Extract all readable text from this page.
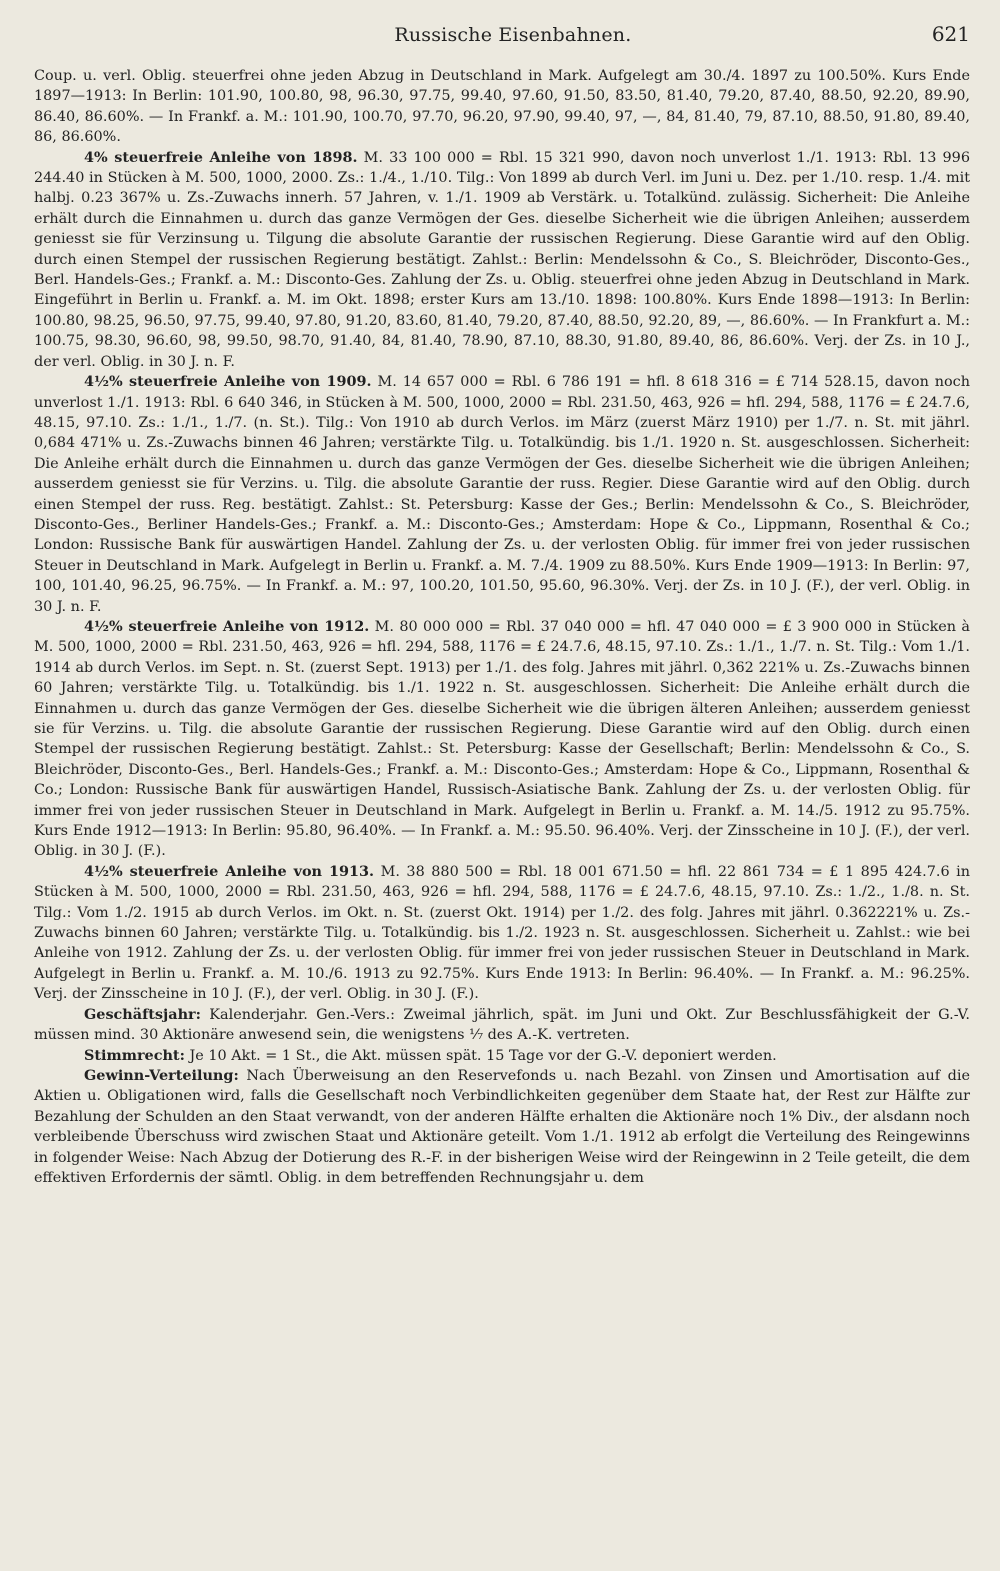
Russische Eisenbahnen.	621

Coup. u. verl. Oblig. steuerfrei ohne jeden Abzug in Deutschland in Mark. Aufgelegt am 30./4. 1897 zu 100.50%. Kurs Ende 1897—1913: In Berlin: 101.90, 100.80, 98, 96.30, 97.75, 99.40, 97.60, 91.50, 83.50, 81.40, 79.20, 87.40, 88.50, 92.20, 89.90, 86.40, 86.60%. — In Frankf. a. M.: 101.90, 100.70, 97.70, 96.20, 97.90, 99.40, 97, —, 84, 81.40, 79, 87.10, 88.50, 91.80, 89.40, 86, 86.60%.

4% steuerfreie Anleihe von 1898. M. 33 100 000 = Rbl. 15 321 990, davon noch unverlost 1./1. 1913: Rbl. 13 996 244.40 in Stücken à M. 500, 1000, 2000. Zs.: 1./4., 1./10. Tilg.: Von 1899 ab durch Verl. im Juni u. Dez. per 1./10. resp. 1./4. mit halbj. 0.23 367% u. Zs.-Zuwachs innerh. 57 Jahren, v. 1./1. 1909 ab Verstärk. u. Totalkünd. zulässig. Sicherheit: Die Anleihe erhält durch die Einnahmen u. durch das ganze Vermögen der Ges. dieselbe Sicherheit wie die übrigen Anleihen; ausserdem geniesst sie für Verzinsung u. Tilgung die absolute Garantie der russischen Regierung. Diese Garantie wird auf den Oblig. durch einen Stempel der russischen Regierung bestätigt. Zahlst.: Berlin: Mendelssohn & Co., S. Bleichröder, Disconto-Ges., Berl. Handels-Ges.; Frankf. a. M.: Disconto-Ges. Zahlung der Zs. u. Oblig. steuerfrei ohne jeden Abzug in Deutschland in Mark. Eingeführt in Berlin u. Frankf. a. M. im Okt. 1898; erster Kurs am 13./10. 1898: 100.80%. Kurs Ende 1898—1913: In Berlin: 100.80, 98.25, 96.50, 97.75, 99.40, 97.80, 91.20, 83.60, 81.40, 79.20, 87.40, 88.50, 92.20, 89, —, 86.60%. — In Frankfurt a. M.: 100.75, 98.30, 96.60, 98, 99.50, 98.70, 91.40, 84, 81.40, 78.90, 87.10, 88.30, 91.80, 89.40, 86, 86.60%. Verj. der Zs. in 10 J., der verl. Oblig. in 30 J. n. F.

4½% steuerfreie Anleihe von 1909. M. 14 657 000 = Rbl. 6 786 191 = hfl. 8 618 316 = £ 714 528.15, davon noch unverlost 1./1. 1913: Rbl. 6 640 346, in Stücken à M. 500, 1000, 2000 = Rbl. 231.50, 463, 926 = hfl. 294, 588, 1176 = £ 24.7.6, 48.15, 97.10. Zs.: 1./1., 1./7. (n. St.). Tilg.: Von 1910 ab durch Verlos. im März (zuerst März 1910) per 1./7. n. St. mit jährl. 0,684 471% u. Zs.-Zuwachs binnen 46 Jahren; verstärkte Tilg. u. Totalkündig. bis 1./1. 1920 n. St. ausgeschlossen. Sicherheit: Die Anleihe erhält durch die Einnahmen u. durch das ganze Vermögen der Ges. dieselbe Sicherheit wie die übrigen Anleihen; ausserdem geniesst sie für Verzins. u. Tilg. die absolute Garantie der russ. Regier. Diese Garantie wird auf den Oblig. durch einen Stempel der russ. Reg. bestätigt. Zahlst.: St. Petersburg: Kasse der Ges.; Berlin: Mendelssohn & Co., S. Bleichröder, Disconto-Ges., Berliner Handels-Ges.; Frankf. a. M.: Disconto-Ges.; Amsterdam: Hope & Co., Lippmann, Rosenthal & Co.; London: Russische Bank für auswärtigen Handel. Zahlung der Zs. u. der verlosten Oblig. für immer frei von jeder russischen Steuer in Deutschland in Mark. Aufgelegt in Berlin u. Frankf. a. M. 7./4. 1909 zu 88.50%. Kurs Ende 1909—1913: In Berlin: 97, 100, 101.40, 96.25, 96.75%. — In Frankf. a. M.: 97, 100.20, 101.50, 95.60, 96.30%. Verj. der Zs. in 10 J. (F.), der verl. Oblig. in 30 J. n. F.

4½% steuerfreie Anleihe von 1912. M. 80 000 000 = Rbl. 37 040 000 = hfl. 47 040 000 = £ 3 900 000 in Stücken à M. 500, 1000, 2000 = Rbl. 231.50, 463, 926 = hfl. 294, 588, 1176 = £ 24.7.6, 48.15, 97.10. Zs.: 1./1., 1./7. n. St. Tilg.: Vom 1./1. 1914 ab durch Verlos. im Sept. n. St. (zuerst Sept. 1913) per 1./1. des folg. Jahres mit jährl. 0,362 221% u. Zs.-Zuwachs binnen 60 Jahren; verstärkte Tilg. u. Totalkündig. bis 1./1. 1922 n. St. ausgeschlossen. Sicherheit: Die Anleihe erhält durch die Einnahmen u. durch das ganze Vermögen der Ges. dieselbe Sicherheit wie die übrigen älteren Anleihen; ausserdem geniesst sie für Verzins. u. Tilg. die absolute Garantie der russischen Regierung. Diese Garantie wird auf den Oblig. durch einen Stempel der russischen Regierung bestätigt. Zahlst.: St. Petersburg: Kasse der Gesellschaft; Berlin: Mendelssohn & Co., S. Bleichröder, Disconto-Ges., Berl. Handels-Ges.; Frankf. a. M.: Disconto-Ges.; Amsterdam: Hope & Co., Lippmann, Rosenthal & Co.; London: Russische Bank für auswärtigen Handel, Russisch-Asiatische Bank. Zahlung der Zs. u. der verlosten Oblig. für immer frei von jeder russischen Steuer in Deutschland in Mark. Aufgelegt in Berlin u. Frankf. a. M. 14./5. 1912 zu 95.75%. Kurs Ende 1912—1913: In Berlin: 95.80, 96.40%. — In Frankf. a. M.: 95.50. 96.40%. Verj. der Zinsscheine in 10 J. (F.), der verl. Oblig. in 30 J. (F.).

4½% steuerfreie Anleihe von 1913. M. 38 880 500 = Rbl. 18 001 671.50 = hfl. 22 861 734 = £ 1 895 424.7.6 in Stücken à M. 500, 1000, 2000 = Rbl. 231.50, 463, 926 = hfl. 294, 588, 1176 = £ 24.7.6, 48.15, 97.10. Zs.: 1./2., 1./8. n. St. Tilg.: Vom 1./2. 1915 ab durch Verlos. im Okt. n. St. (zuerst Okt. 1914) per 1./2. des folg. Jahres mit jährl. 0.362221% u. Zs.-Zuwachs binnen 60 Jahren; verstärkte Tilg. u. Totalkündig. bis 1./2. 1923 n. St. ausgeschlossen. Sicherheit u. Zahlst.: wie bei Anleihe von 1912. Zahlung der Zs. u. der verlosten Oblig. für immer frei von jeder russischen Steuer in Deutschland in Mark. Aufgelegt in Berlin u. Frankf. a. M. 10./6. 1913 zu 92.75%. Kurs Ende 1913: In Berlin: 96.40%. — In Frankf. a. M.: 96.25%. Verj. der Zinsscheine in 10 J. (F.), der verl. Oblig. in 30 J. (F.).

Geschäftsjahr: Kalenderjahr. Gen.-Vers.: Zweimal jährlich, spät. im Juni und Okt. Zur Beschlussfähigkeit der G.-V. müssen mind. 30 Aktionäre anwesend sein, die wenigstens ⅐ des A.-K. vertreten.

Stimmrecht: Je 10 Akt. = 1 St., die Akt. müssen spät. 15 Tage vor der G.-V. deponiert werden.

Gewinn-Verteilung: Nach Überweisung an den Reservefonds u. nach Bezahl. von Zinsen und Amortisation auf die Aktien u. Obligationen wird, falls die Gesellschaft noch Verbindlichkeiten gegenüber dem Staate hat, der Rest zur Hälfte zur Bezahlung der Schulden an den Staat verwandt, von der anderen Hälfte erhalten die Aktionäre noch 1% Div., der alsdann noch verbleibende Überschuss wird zwischen Staat und Aktionäre geteilt. Vom 1./1. 1912 ab erfolgt die Verteilung des Reingewinns in folgender Weise: Nach Abzug der Dotierung des R.-F. in der bisherigen Weise wird der Reingewinn in 2 Teile geteilt, die dem effektiven Erfordernis der sämtl. Oblig. in dem betreffenden Rechnungsjahr u. dem
